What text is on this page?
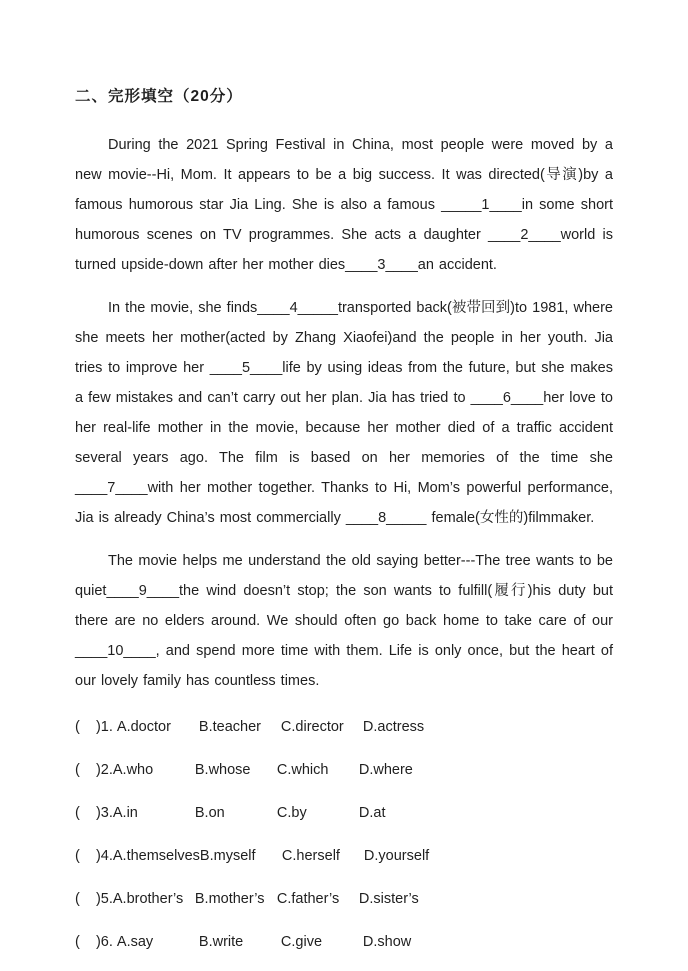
二、完形填空（20分）

During the 2021 Spring Festival in China, most people were moved by a new movie--Hi, Mom. It appears to be a big success. It was directed(导演)by a famous humorous star Jia Ling. She is also a famous _____1____in some short humorous scenes on TV programmes. She acts a daughter ____2____world is turned upside-down after her mother dies____3____an accident.

In the movie, she finds____4_____transported back(被带回到)to 1981, where she meets her mother(acted by Zhang Xiaofei)and the people in her youth. Jia tries to improve her ____5____life by using ideas from the future, but she makes a few mistakes and can’t carry out her plan. Jia has tried to ____6____her love to her real-life mother in the movie, because her mother died of a traffic accident several years ago. The film is based on her memories of the time she ____7____with her mother together. Thanks to Hi, Mom’s powerful performance, Jia is already China’s most commercially ____8_____ female(女性的)filmmaker.

The movie helps me understand the old saying better---The tree wants to be quiet____9____the wind doesn’t stop; the son wants to fulfill(履行)his duty but there are no elders around. We should often go back home to take care of our ____10____, and spend more time with them. Life is only once, but the heart of our lovely family has countless times.

(    )1. A.doctor B.teacher C.director D.actress
(    )2.A.who	B.whose C.which D.where
(    )3.A.in	B.on	C.by	D.at
(    )4.A.themselvesB.myself C.herself D.yourself
(    )5.A.brother’s B.mother’s C.father’s D.sister’s
(    )6. A.say	B.write	C.give	D.show
